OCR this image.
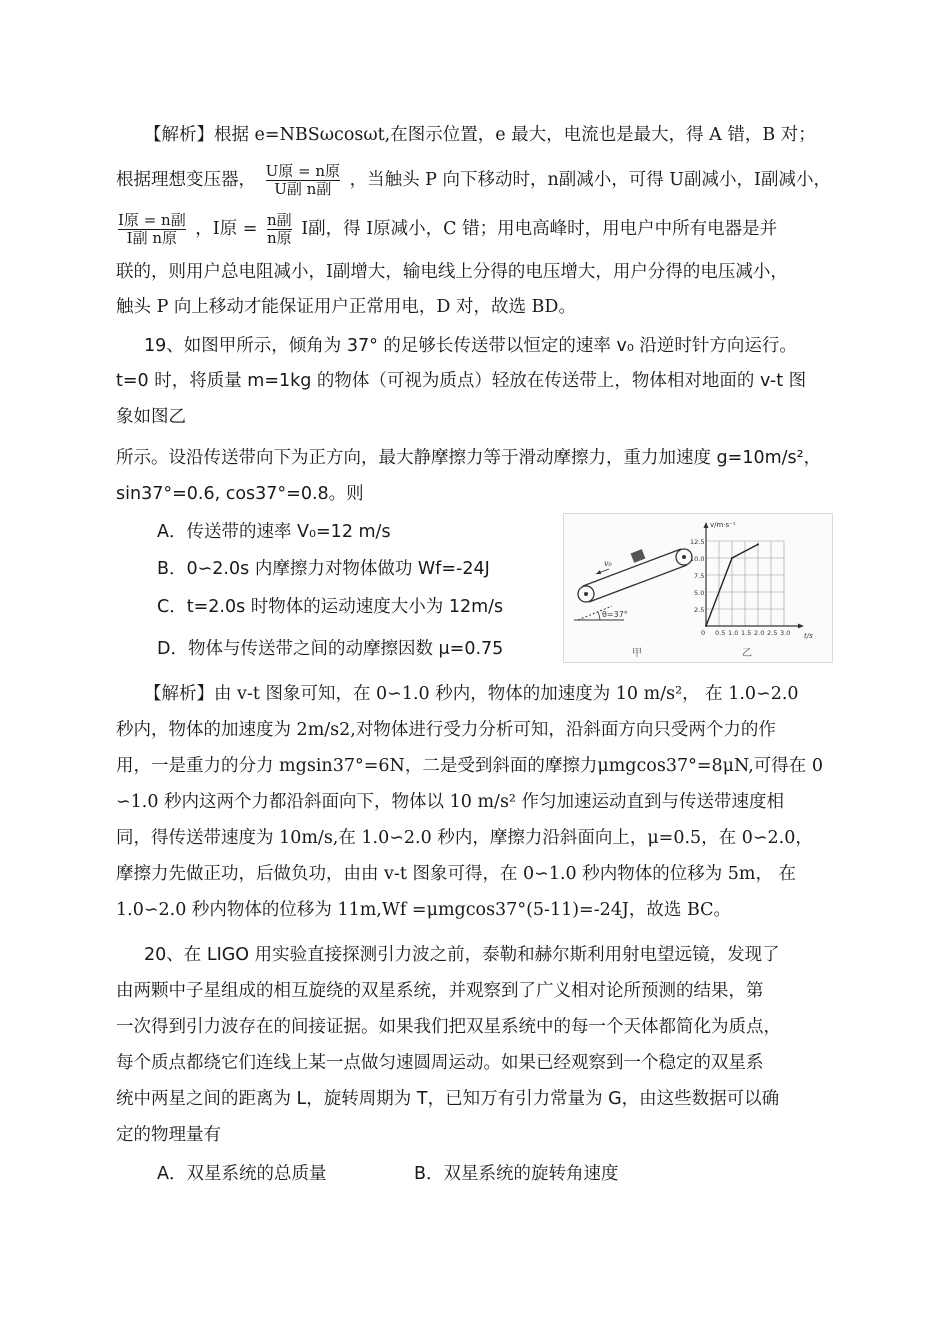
【解析】根据 e=NBSωcosωt,在图示位置，e 最大，电流也是最大，得 A 错，B 对；
根据理想变压器， $\frac{\text{U原 = n原}}{\text{U副 n副}}$ ，当触头 P 向下移动时，n副减小，可得 U副减小，I副减小，
$\frac{\text{I原 = n副}}{\text{I副 n原}}$ ，I原 = $\frac{\text{n副}}{\text{n原}}$ I副，得 I原减小，C 错；用电高峰时，用电户中所有电器是并
联的，则用户总电阻减小，I副增大，输电线上分得的电压增大，用户分得的电压减小，
触头 P 向上移动才能保证用户正常用电，D 对，故选 BD。
19、如图甲所示，倾角为 37° 的足够长传送带以恒定的速率 v₀ 沿逆时针方向运行。
t=0 时，将质量 m=1kg 的物体（可视为质点）轻放在传送带上，物体相对地面的 v-t 图
象如图乙
所示。设沿传送带向下为正方向，最大静摩擦力等于滑动摩擦力，重力加速度 g=10m/s²，
sin37°=0.6, cos37°=0.8。则
A．传送带的速率 V₀=12 m/s
B．0∽2.0s 内摩擦力对物体做功 Wf=-24J
C．t=2.0s 时物体的运动速度大小为 12m/s
D．物体与传送带之间的动摩擦因数 μ=0.75
θ=37°
v₀
甲
v/m·s⁻¹
t/s
12.5
10.0
7.5
5.0
2.5
0 0.5 1.0 1.5 2.0 2.5 3.0
乙
【解析】由 v-t 图象可知，在 0∽1.0 秒内，物体的加速度为 10 m/s²， 在 1.0∽2.0
秒内，物体的加速度为 2m/s2,对物体进行受力分析可知，沿斜面方向只受两个力的作
用，一是重力的分力 mgsin37°=6N，二是受到斜面的摩擦力μmgcos37°=8μN,可得在 0
∽1.0 秒内这两个力都沿斜面向下，物体以 10 m/s² 作匀加速运动直到与传送带速度相
同，得传送带速度为 10m/s,在 1.0∽2.0 秒内，摩擦力沿斜面向上，μ=0.5，在 0∽2.0，
摩擦力先做正功，后做负功，由由 v-t 图象可得，在 0∽1.0 秒内物体的位移为 5m， 在
1.0∽2.0 秒内物体的位移为 11m,Wf =μmgcos37°(5-11)=-24J，故选 BC。
20、在 LIGO 用实验直接探测引力波之前，泰勒和赫尔斯利用射电望远镜，发现了
由两颗中子星组成的相互旋绕的双星系统，并观察到了广义相对论所预测的结果，第
一次得到引力波存在的间接证据。如果我们把双星系统中的每一个天体都简化为质点，
每个质点都绕它们连线上某一点做匀速圆周运动。如果已经观察到一个稳定的双星系
统中两星之间的距离为 L，旋转周期为 T，已知万有引力常量为 G，由这些数据可以确
定的物理量有
A．双星系统的总质量	B．双星系统的旋转角速度
